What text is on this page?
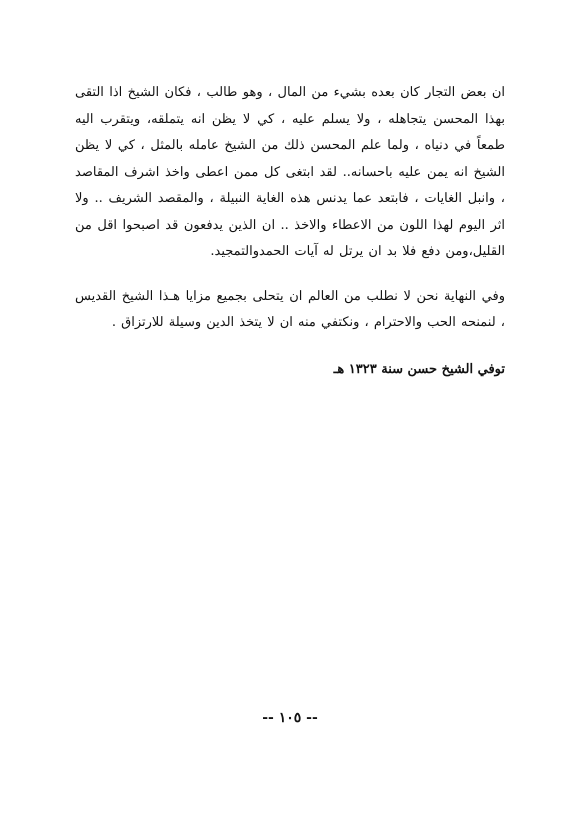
ان بعض التجار كان بعده بشيء من المال ، وهو طالب ، فكان الشيخ اذا التقى بهذا المحسن يتجاهله ، ولا يسلم عليه ، كي لا يظن انه يتملقه، ويتقرب اليه طمعاً في دنياه ، ولما علم المحسن ذلك من الشيخ عامله بالمثل ، كي لا يظن الشيخ انه يمن عليه باحسانه.. لقد ابتغى كل ممن اعطى واخذ اشرف المقاصد ، وانبل الغايات ، فابتعد عما يدنس هذه الغاية النبيلة ، والمقصد الشريف .. ولا اثر اليوم لهذا اللون من الاعطاء والاخذ .. ان الذين يدفعون قد اصبحوا اقل من القليل،ومن دفع فلا بد ان يرتل له آيات الحمدوالتمجيد.

وفي النهاية نحن لا نطلب من العالم ان يتحلى بجميع مزايا هـذا الشيخ القديس ، لنمنحه الحب والاحترام ، ونكتفي منه ان لا يتخذ الدين وسيلة للارتزاق .

توفي الشيخ حسن سنة ١٣٢٣ هـ

-- ١٠٥ --
